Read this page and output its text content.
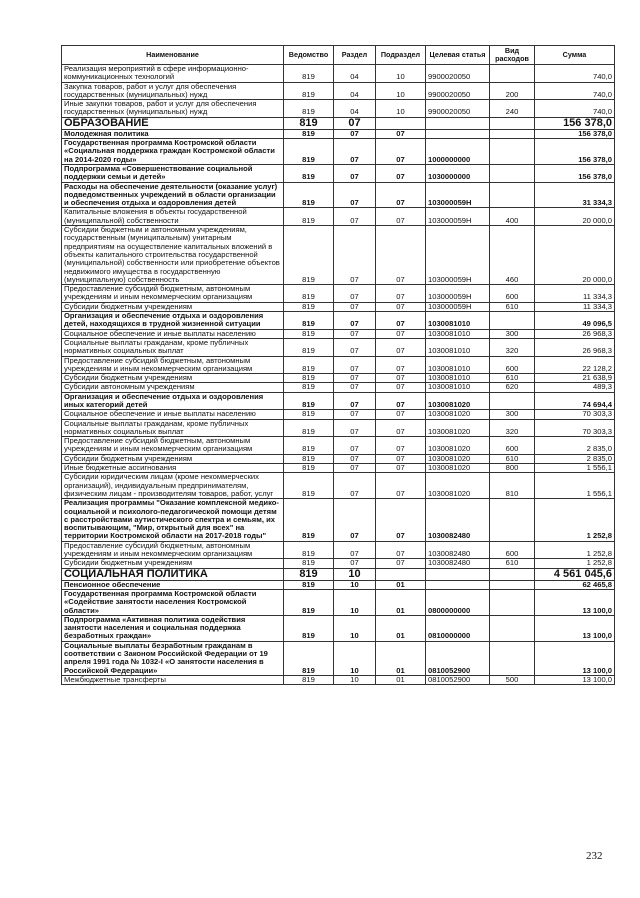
Наименование	Ведомство	Раздел	Подраздел	Целевая статья	Вид расходов	Сумма
Реализация мероприятий в сфере информационно-коммуникационных технологий	819	04	10	9900020050		740,0
Закупка товаров, работ и услуг для обеспечения государственных (муниципальных) нужд	819	04	10	9900020050	200	740,0
Иные закупки товаров, работ и услуг для обеспечения государственных (муниципальных) нужд	819	04	10	9900020050	240	740,0
ОБРАЗОВАНИЕ	819	07				156 378,0
Молодежная политика	819	07	07			156 378,0
Государственная программа Костромской области «Социальная поддержка граждан Костромской области на 2014-2020 годы»	819	07	07	1000000000		156 378,0
Подпрограмма «Совершенствование социальной поддержки семьи и детей»	819	07	07	1030000000		156 378,0
Расходы на обеспечение деятельности (оказание услуг) подведомственных учреждений в области организации и обеспечения отдыха и оздоровления детей	819	07	07	103000059Н		31 334,3
Капитальные вложения в объекты государственной (муниципальной) собственности	819	07	07	103000059Н	400	20 000,0
Субсидии бюджетным и автономным учреждениям, государственным (муниципальным) унитарным предприятиям на осуществление капитальных вложений в объекты капитального строительства государственной (муниципальной) собственности или приобретение объектов недвижимого имущества в государственную (муниципальную) собственность	819	07	07	103000059Н	460	20 000,0
Предоставление субсидий бюджетным, автономным учреждениям и иным некоммерческим организациям	819	07	07	103000059Н	600	11 334,3
Субсидии бюджетным учреждениям	819	07	07	103000059Н	610	11 334,3
Организация и обеспечение отдыха и оздоровления детей, находящихся в трудной жизненной ситуации	819	07	07	1030081010		49 096,5
Социальное обеспечение и иные выплаты населению	819	07	07	1030081010	300	26 968,3
Социальные выплаты гражданам, кроме публичных нормативных социальных выплат	819	07	07	1030081010	320	26 968,3
Предоставление субсидий бюджетным, автономным учреждениям и иным некоммерческим организациям	819	07	07	1030081010	600	22 128,2
Субсидии бюджетным учреждениям	819	07	07	1030081010	610	21 638,9
Субсидии автономным учреждениям	819	07	07	1030081010	620	489,3
Организация и обеспечение отдыха и оздоровления иных категорий детей	819	07	07	1030081020		74 694,4
Социальное обеспечение и иные выплаты населению	819	07	07	1030081020	300	70 303,3
Социальные выплаты гражданам, кроме публичных нормативных социальных выплат	819	07	07	1030081020	320	70 303,3
Предоставление субсидий бюджетным, автономным учреждениям и иным некоммерческим организациям	819	07	07	1030081020	600	2 835,0
Субсидии бюджетным учреждениям	819	07	07	1030081020	610	2 835,0
Иные бюджетные ассигнования	819	07	07	1030081020	800	1 556,1
Субсидии юридическим лицам (кроме некоммерческих организаций), индивидуальным предпринимателям, физическим лицам - производителям товаров, работ, услуг	819	07	07	1030081020	810	1 556,1
Реализация программы "Оказание комплексной медико-социальной и психолого-педагогической помощи детям с расстройствами аутистического спектра и семьям, их воспитывающим, "Мир, открытый для всех" на территории Костромской области на 2017-2018 годы"	819	07	07	1030082480		1 252,8
Предоставление субсидий бюджетным, автономным учреждениям и иным некоммерческим организациям	819	07	07	1030082480	600	1 252,8
Субсидии бюджетным учреждениям	819	07	07	1030082480	610	1 252,8
СОЦИАЛЬНАЯ ПОЛИТИКА	819	10				4 561 045,6
Пенсионное обеспечение	819	10	01			62 465,8
Государственная программа Костромской области «Содействие занятости населения Костромской области»	819	10	01	0800000000		13 100,0
Подпрограмма «Активная политика содействия занятости населения и социальная поддержка безработных граждан»	819	10	01	0810000000		13 100,0
Социальные выплаты безработным гражданам в соответствии с Законом Российской Федерации от 19 апреля 1991 года № 1032-I «О занятости населения в Российской Федерации»	819	10	01	0810052900		13 100,0
Межбюджетные трансферты	819	10	01	0810052900	500	13 100,0
232
